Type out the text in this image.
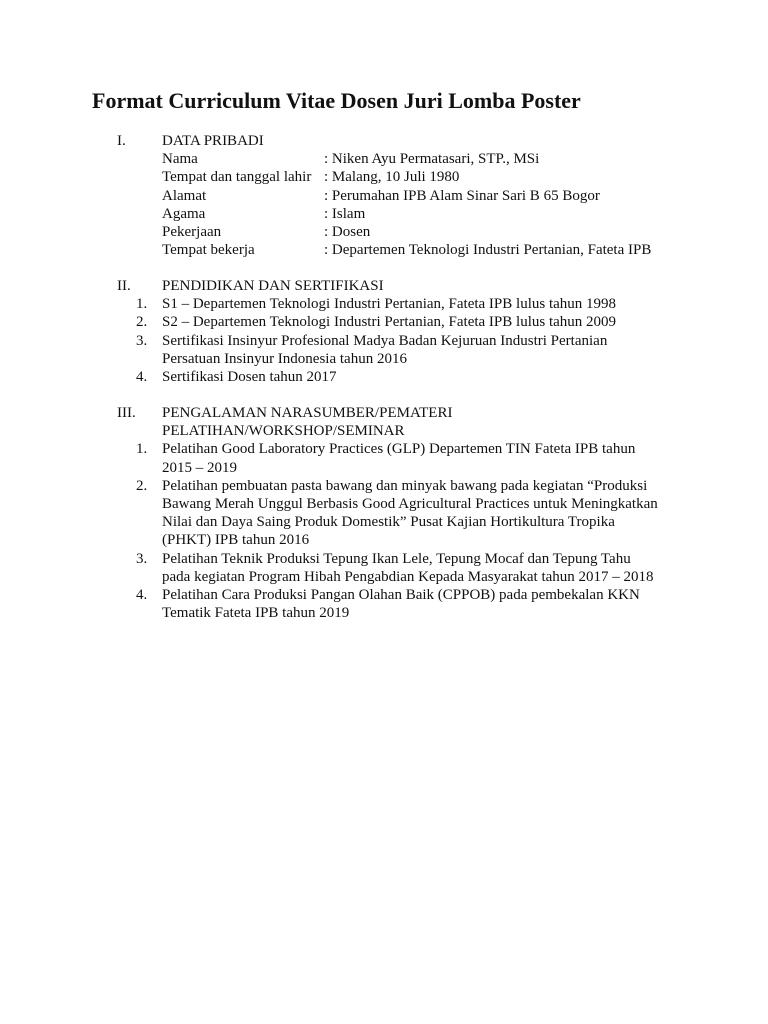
Format Curriculum Vitae Dosen Juri Lomba Poster
I. DATA PRIBADI
Nama	: Niken Ayu Permatasari, STP., MSi
Tempat dan tanggal lahir : Malang, 10 Juli 1980
Alamat	: Perumahan IPB Alam Sinar Sari B 65 Bogor
Agama	: Islam
Pekerjaan	: Dosen
Tempat bekerja	: Departemen Teknologi Industri Pertanian, Fateta IPB
II. PENDIDIKAN DAN SERTIFIKASI
1. S1 – Departemen Teknologi Industri Pertanian, Fateta IPB lulus tahun 1998
2. S2 – Departemen Teknologi Industri Pertanian, Fateta IPB lulus tahun 2009
3. Sertifikasi Insinyur Profesional Madya Badan Kejuruan Industri Pertanian
Persatuan Insinyur Indonesia tahun 2016
4. Sertifikasi Dosen tahun 2017
III. PENGALAMAN NARASUMBER/PEMATERI
PELATIHAN/WORKSHOP/SEMINAR
1. Pelatihan Good Laboratory Practices (GLP) Departemen TIN Fateta IPB tahun
2015 – 2019
2. Pelatihan pembuatan pasta bawang dan minyak bawang pada kegiatan “Produksi
Bawang Merah Unggul Berbasis Good Agricultural Practices untuk Meningkatkan
Nilai dan Daya Saing Produk Domestik” Pusat Kajian Hortikultura Tropika
(PHKT) IPB tahun 2016
3. Pelatihan Teknik Produksi Tepung Ikan Lele, Tepung Mocaf dan Tepung Tahu
pada kegiatan Program Hibah Pengabdian Kepada Masyarakat tahun 2017 – 2018
4. Pelatihan Cara Produksi Pangan Olahan Baik (CPPOB) pada pembekalan KKN
Tematik Fateta IPB tahun 2019
